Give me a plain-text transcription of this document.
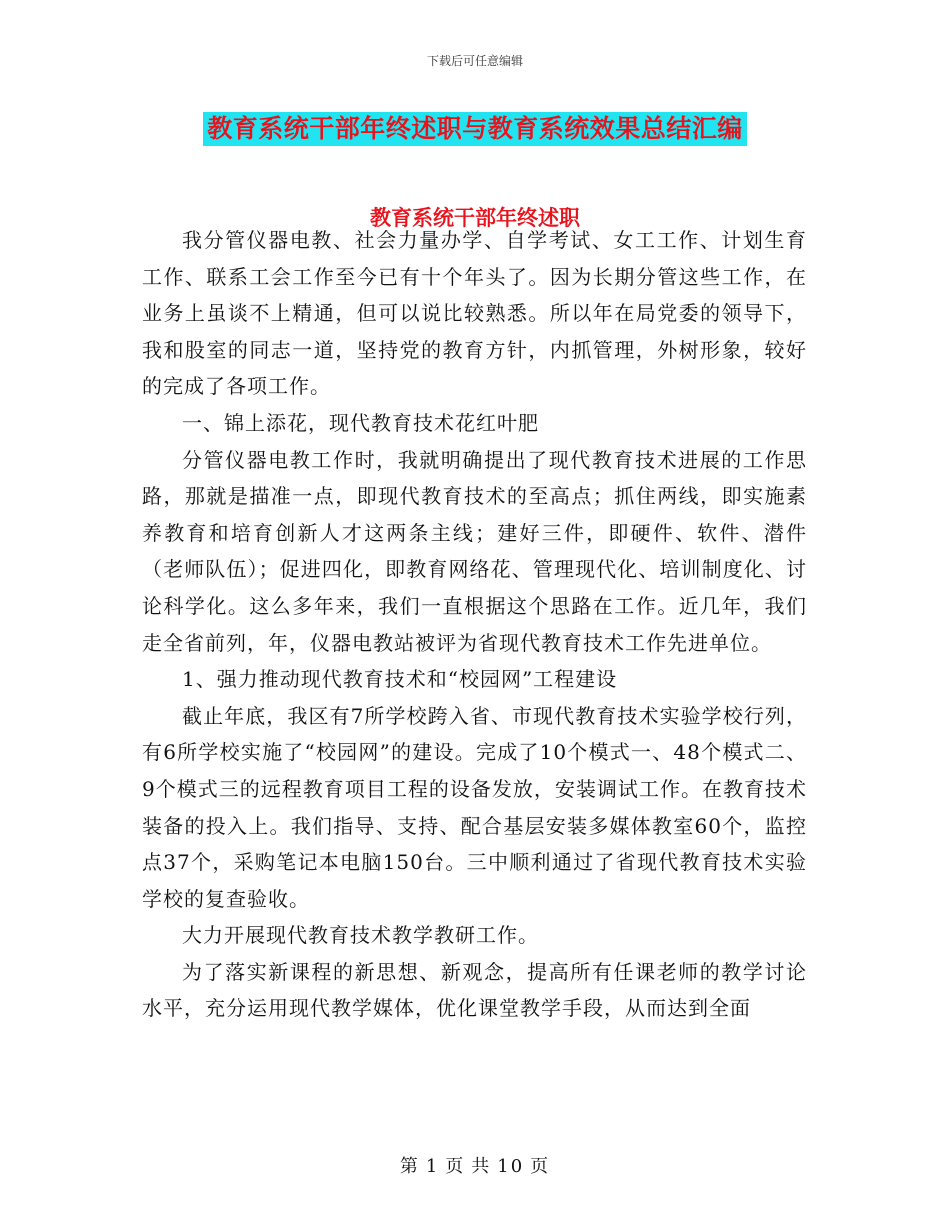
下载后可任意编辑
教育系统干部年终述职与教育系统效果总结汇编
教育系统干部年终述职

我分管仪器电教、社会力量办学、自学考试、女工工作、计划生育工作、联系工会工作至今已有十个年头了。因为长期分管这些工作，在业务上虽谈不上精通，但可以说比较熟悉。所以年在局党委的领导下，我和股室的同志一道，坚持党的教育方针，内抓管理，外树形象，较好的完成了各项工作。

一、锦上添花，现代教育技术花红叶肥

分管仪器电教工作时，我就明确提出了现代教育技术进展的工作思路，那就是描准一点，即现代教育技术的至高点；抓住两线，即实施素养教育和培育创新人才这两条主线；建好三件，即硬件、软件、潜件（老师队伍）；促进四化，即教育网络花、管理现代化、培训制度化、讨论科学化。这么多年来，我们一直根据这个思路在工作。近几年，我们走全省前列，年，仪器电教站被评为省现代教育技术工作先进单位。

1、强力推动现代教育技术和“校园网”工程建设

截止年底，我区有7所学校跨入省、市现代教育技术实验学校行列，有6所学校实施了“校园网”的建设。完成了10个模式一、48个模式二、9个模式三的远程教育项目工程的设备发放，安装调试工作。在教育技术装备的投入上。我们指导、支持、配合基层安装多媒体教室60个，监控点37个，采购笔记本电脑150台。三中顺利通过了省现代教育技术实验学校的复查验收。

大力开展现代教育技术教学教研工作。

为了落实新课程的新思想、新观念，提高所有任课老师的教学讨论水平，充分运用现代教学媒体，优化课堂教学手段，从而达到全面

第 1 页 共 10 页
